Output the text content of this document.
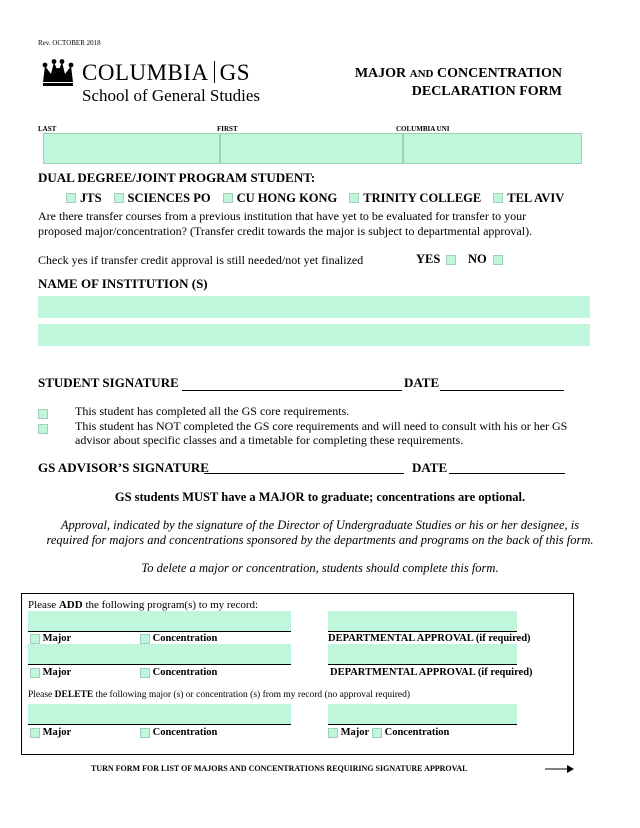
Rev. OCTOBER 2018
COLUMBIA GS
School of General Studies
MAJOR AND CONCENTRATION
DECLARATION FORM
LAST	FIRST	COLUMBIA UNI
DUAL DEGREE/JOINT PROGRAM STUDENT:
JTS SCIENCES PO CU HONG KONG TRINITY COLLEGE TEL AVIV
Are there transfer courses from a previous institution that have yet to be evaluated for transfer to your proposed major/concentration? (Transfer credit towards the major is subject to departmental approval).
Check yes if transfer credit approval is still needed/not yet finalized	YES	NO
NAME OF INSTITUTION (S)
STUDENT SIGNATURE	DATE
This student has completed all the GS core requirements.
This student has NOT completed the GS core requirements and will need to consult with his or her GS advisor about specific classes and a timetable for completing these requirements.
GS ADVISOR’S SIGNATURE	DATE
GS students MUST have a MAJOR to graduate; concentrations are optional.
Approval, indicated by the signature of the Director of Undergraduate Studies or his or her designee, is required for majors and concentrations sponsored by the departments and programs on the back of this form.
To delete a major or concentration, students should complete this form.
Please ADD the following program(s) to my record:
Major	Concentration	DEPARTMENTAL APPROVAL (if required)
Major	Concentration	DEPARTMENTAL APPROVAL (if required)
Please DELETE the following major (s) or concentration (s) from my record (no approval required)
Major	Concentration	Major	Concentration
TURN FORM FOR LIST OF MAJORS AND CONCENTRATIONS REQUIRING SIGNATURE APPROVAL
